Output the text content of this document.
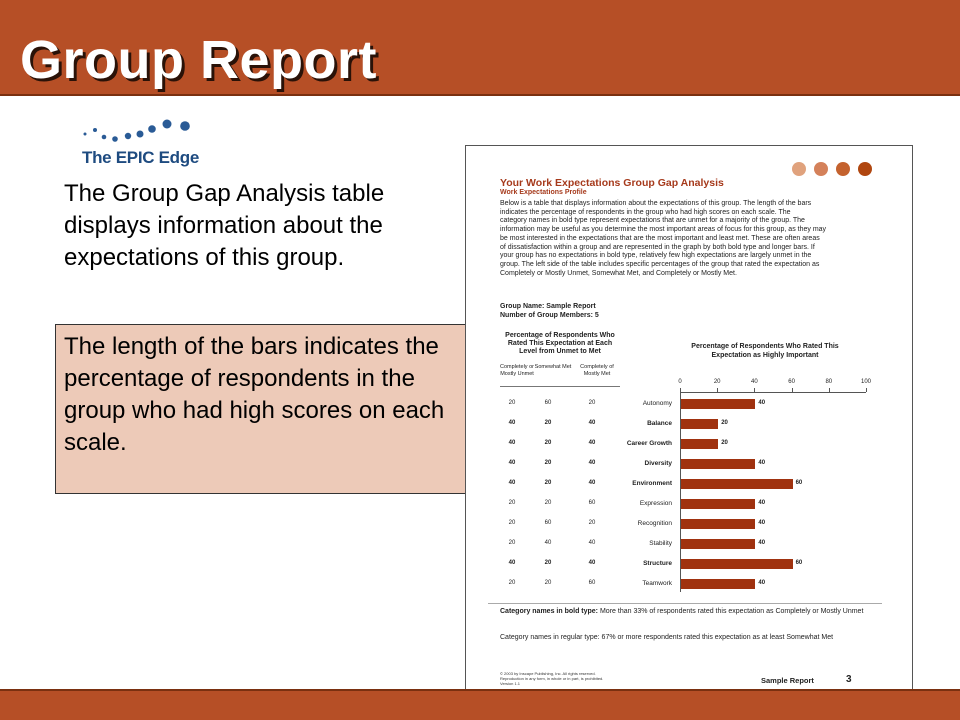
Group Report
The EPIC Edge

The Group Gap Analysis table displays information about the expectations of this group.

The length of the bars indicates the percentage of respondents in the group who had high scores on each scale.

Your Work Expectations Group Gap Analysis
Work Expectations Profile
Below is a table that displays information about the expectations of this group. The length of the bars
indicates the percentage of respondents in the group who had high scores on each scale. The
category names in bold type represent expectations that are unmet for a majority of the group. The
information may be useful as you determine the most important areas of focus for this group, as they may
be most interested in the expectations that are the most important and least met. These are often areas
of dissatisfaction within a group and are represented in the graph by both bold type and longer bars. If
your group has no expectations in bold type, relatively few high expectations are largely unmet in the
group. The left side of the table includes specific percentages of the group that rated the expectation as
Completely or Mostly Unmet, Somewhat Met, and Completely or Mostly Met.
Group Name: Sample Report
Number of Group Members: 5
Percentage of Respondents Who Rated This Expectation at Each Level from Unmet to Met
Percentage of Respondents Who Rated This Expectation as Highly Important
Completely or Mostly Unmet
Somewhat Met	Completely of Mostly Met
0	20	40	60	80	100
20	60	20	Autonomy	40
40	20	40	Balance	20
40	20	40	Career Growth	20
40	20	40	Diversity	40
40	20	40	Environment	60
20	20	60	Expression	40
20	60	20	Recognition	40
20	40	40	Stability	40
40	20	40	Structure	60
20	20	60	Teamwork	40

Category names in bold type: More than 33% of respondents rated this expectation as Completely or Mostly Unmet

Category names in regular type: 67% or more respondents rated this expectation as at least Somewhat Met

© 2003 by Inscape Publishing, Inc. All rights reserved.
Reproduction in any form, in whole or in part, is prohibited.
Version 1.1	Sample Report	3
